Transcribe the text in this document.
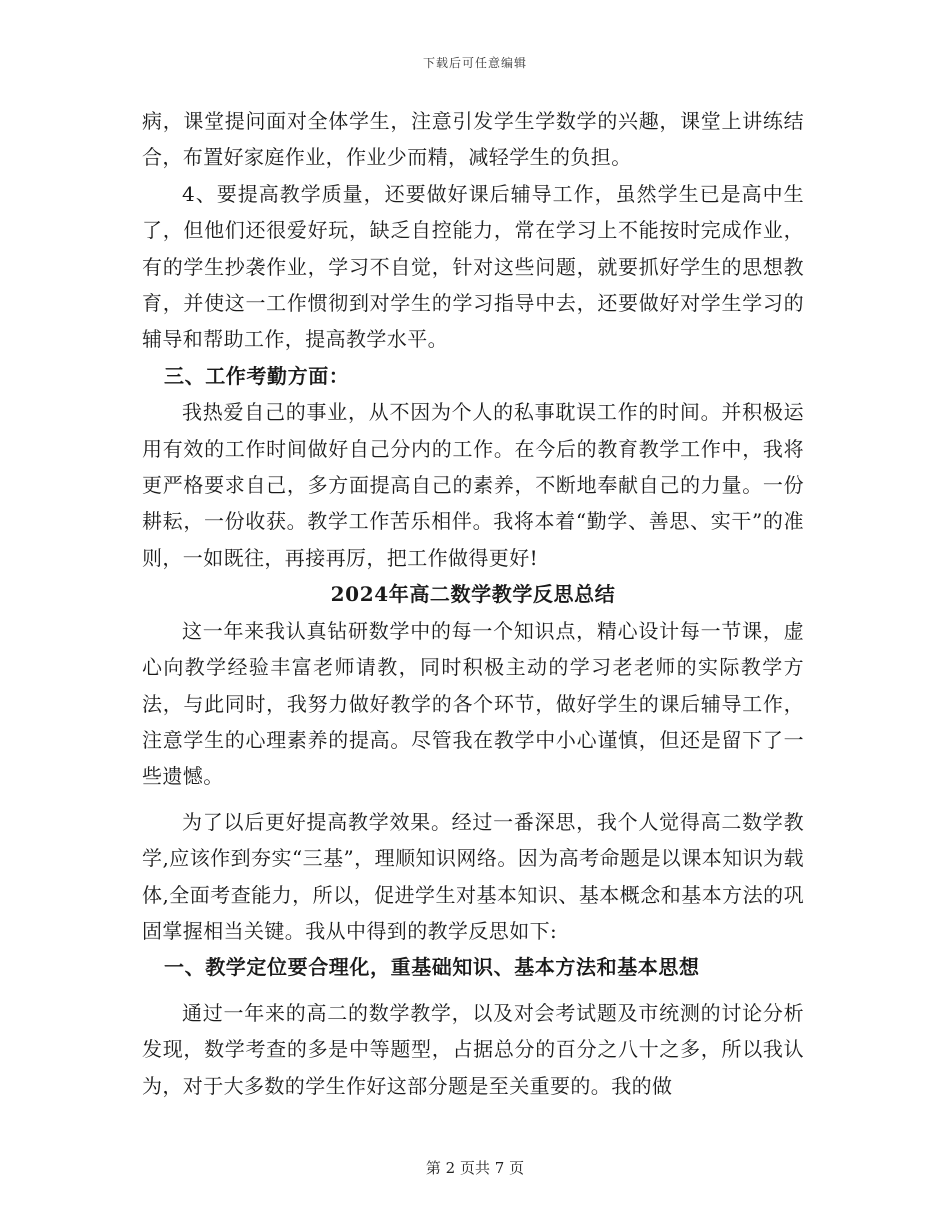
下载后可任意编辑

病，课堂提问面对全体学生，注意引发学生学数学的兴趣，课堂上讲练结合，布置好家庭作业，作业少而精，减轻学生的负担。

4、要提高教学质量，还要做好课后辅导工作，虽然学生已是高中生了，但他们还很爱好玩，缺乏自控能力，常在学习上不能按时完成作业，有的学生抄袭作业，学习不自觉，针对这些问题，就要抓好学生的思想教育，并使这一工作惯彻到对学生的学习指导中去，还要做好对学生学习的辅导和帮助工作，提高教学水平。

三、工作考勤方面：

我热爱自己的事业，从不因为个人的私事耽误工作的时间。并积极运用有效的工作时间做好自己分内的工作。在今后的教育教学工作中，我将更严格要求自己，多方面提高自己的素养，不断地奉献自己的力量。一份耕耘，一份收获。教学工作苦乐相伴。我将本着“勤学、善思、实干”的准则，一如既往，再接再厉，把工作做得更好!

2024年高二数学教学反思总结

这一年来我认真钻研数学中的每一个知识点，精心设计每一节课，虚心向教学经验丰富老师请教，同时积极主动的学习老老师的实际教学方法，与此同时，我努力做好教学的各个环节，做好学生的课后辅导工作，注意学生的心理素养的提高。尽管我在教学中小心谨慎，但还是留下了一些遗憾。

为了以后更好提高教学效果。经过一番深思，我个人觉得高二数学教学,应该作到夯实“三基”，理顺知识网络。因为高考命题是以课本知识为载体,全面考查能力，所以，促进学生对基本知识、基本概念和基本方法的巩固掌握相当关键。我从中得到的教学反思如下:

一、教学定位要合理化，重基础知识、基本方法和基本思想

通过一年来的高二的数学教学，以及对会考试题及市统测的讨论分析发现，数学考查的多是中等题型，占据总分的百分之八十之多，所以我认为，对于大多数的学生作好这部分题是至关重要的。我的做

第 2 页共 7 页
